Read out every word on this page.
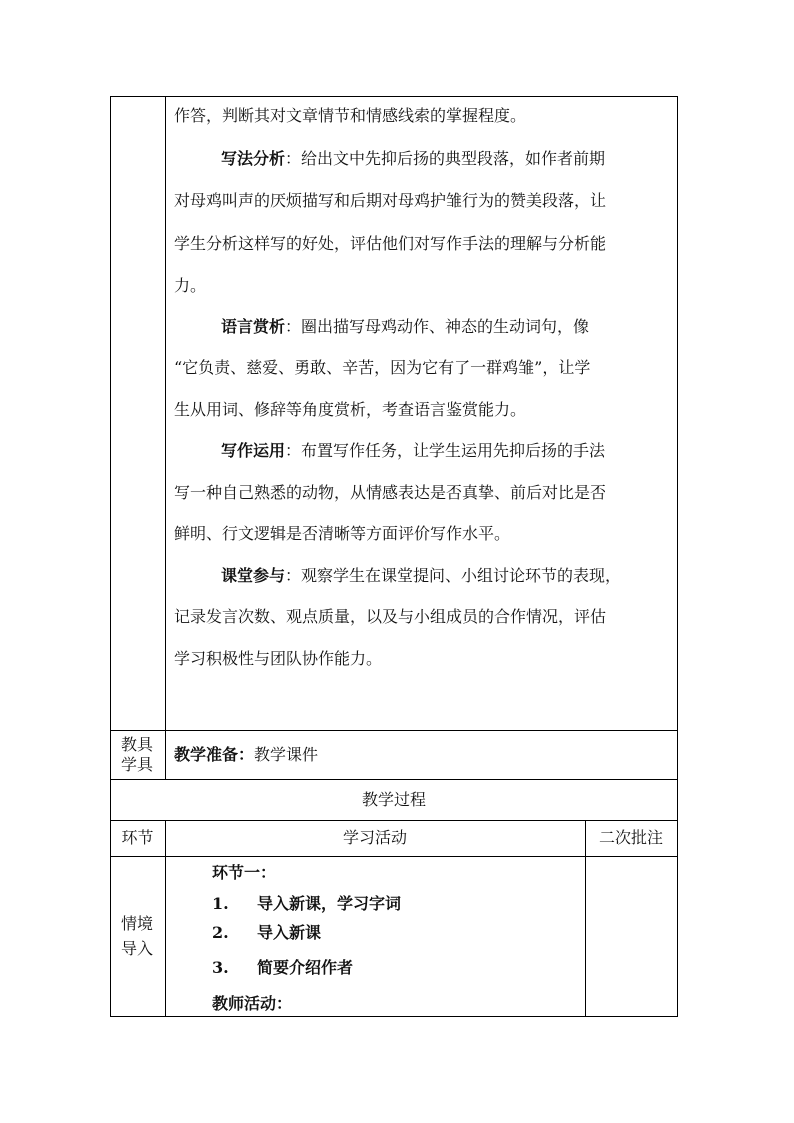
作答，判断其对文章情节和情感线索的掌握程度。
写法分析：给出文中先抑后扬的典型段落，如作者前期
对母鸡叫声的厌烦描写和后期对母鸡护雏行为的赞美段落，让
学生分析这样写的好处，评估他们对写作手法的理解与分析能
力。
语言赏析：圈出描写母鸡动作、神态的生动词句，像
“它负责、慈爱、勇敢、辛苦，因为它有了一群鸡雏”，让学
生从用词、修辞等角度赏析，考查语言鉴赏能力。
写作运用：布置写作任务，让学生运用先抑后扬的手法
写一种自己熟悉的动物，从情感表达是否真挚、前后对比是否
鲜明、行文逻辑是否清晰等方面评价写作水平。
课堂参与：观察学生在课堂提问、小组讨论环节的表现，
记录发言次数、观点质量，以及与小组成员的合作情况，评估
学习积极性与团队协作能力。
教具
学具
教学准备：教学课件
教学过程
环节	学习活动	二次批注
情境
导入
环节一：
1. 导入新课，学习字词
2. 导入新课
3. 简要介绍作者
教师活动：
